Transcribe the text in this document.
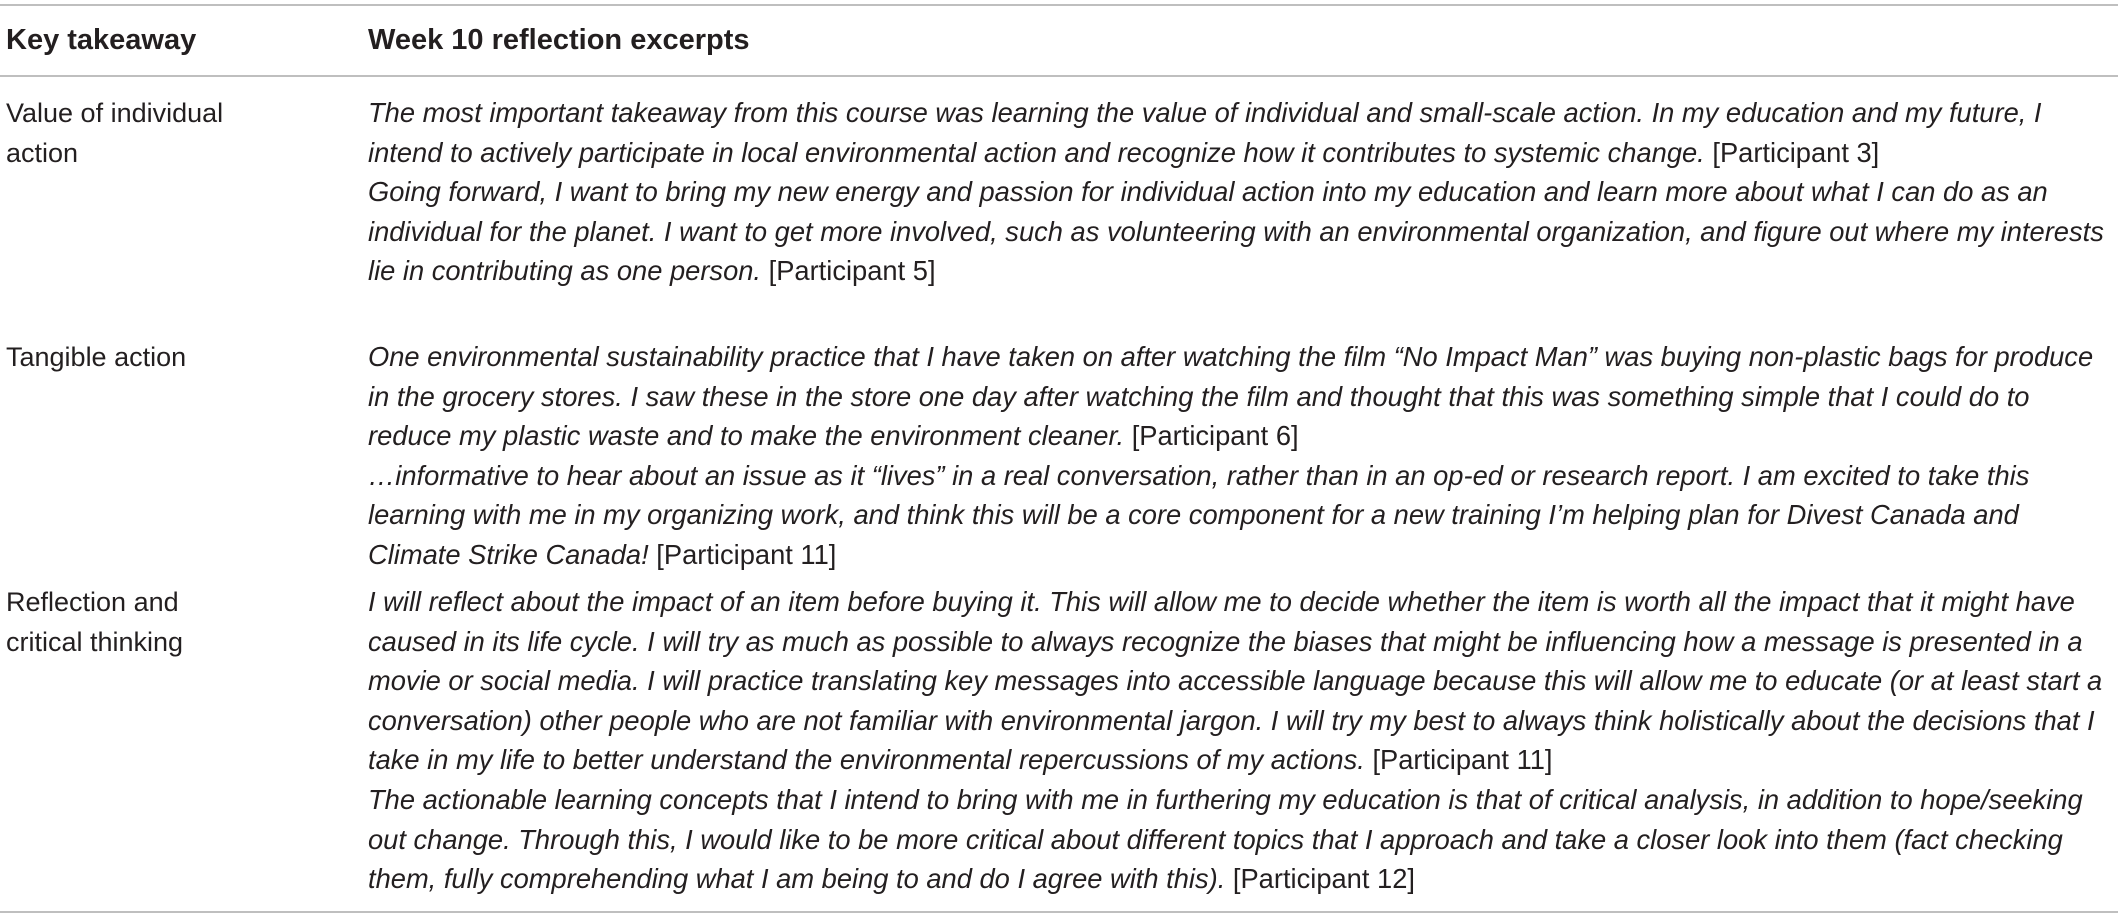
Key takeaway	Week 10 reflection excerpts
Value of individual
action
The most important takeaway from this course was learning the value of individual and small-scale action. In my education and my future, I intend to actively participate in local environmental action and recognize how it contributes to systemic change. [Participant 3]
Going forward, I want to bring my new energy and passion for individual action into my education and learn more about what I can do as an individual for the planet. I want to get more involved, such as volunteering with an environmental organization, and figure out where my interests lie in contributing as one person. [Participant 5]
Tangible action	One environmental sustainability practice that I have taken on after watching the film “No Impact Man” was buying non-plastic bags for produce in the grocery stores. I saw these in the store one day after watching the film and thought that this was something simple that I could do to reduce my plastic waste and to make the environment cleaner. [Participant 6]
…informative to hear about an issue as it “lives” in a real conversation, rather than in an op-ed or research report. I am excited to take this learning with me in my organizing work, and think this will be a core component for a new training I’m helping plan for Divest Canada and Climate Strike Canada! [Participant 11]
Reflection and
critical thinking
I will reflect about the impact of an item before buying it. This will allow me to decide whether the item is worth all the impact that it might have caused in its life cycle. I will try as much as possible to always recognize the biases that might be influencing how a message is presented in a movie or social media. I will practice translating key messages into accessible language because this will allow me to educate (or at least start a conversation) other people who are not familiar with environmental jargon. I will try my best to always think holistically about the decisions that I take in my life to better understand the environmental repercussions of my actions. [Participant 11]
The actionable learning concepts that I intend to bring with me in furthering my education is that of critical analysis, in addition to hope/seeking out change. Through this, I would like to be more critical about different topics that I approach and take a closer look into them (fact checking them, fully comprehending what I am being to and do I agree with this). [Participant 12]
